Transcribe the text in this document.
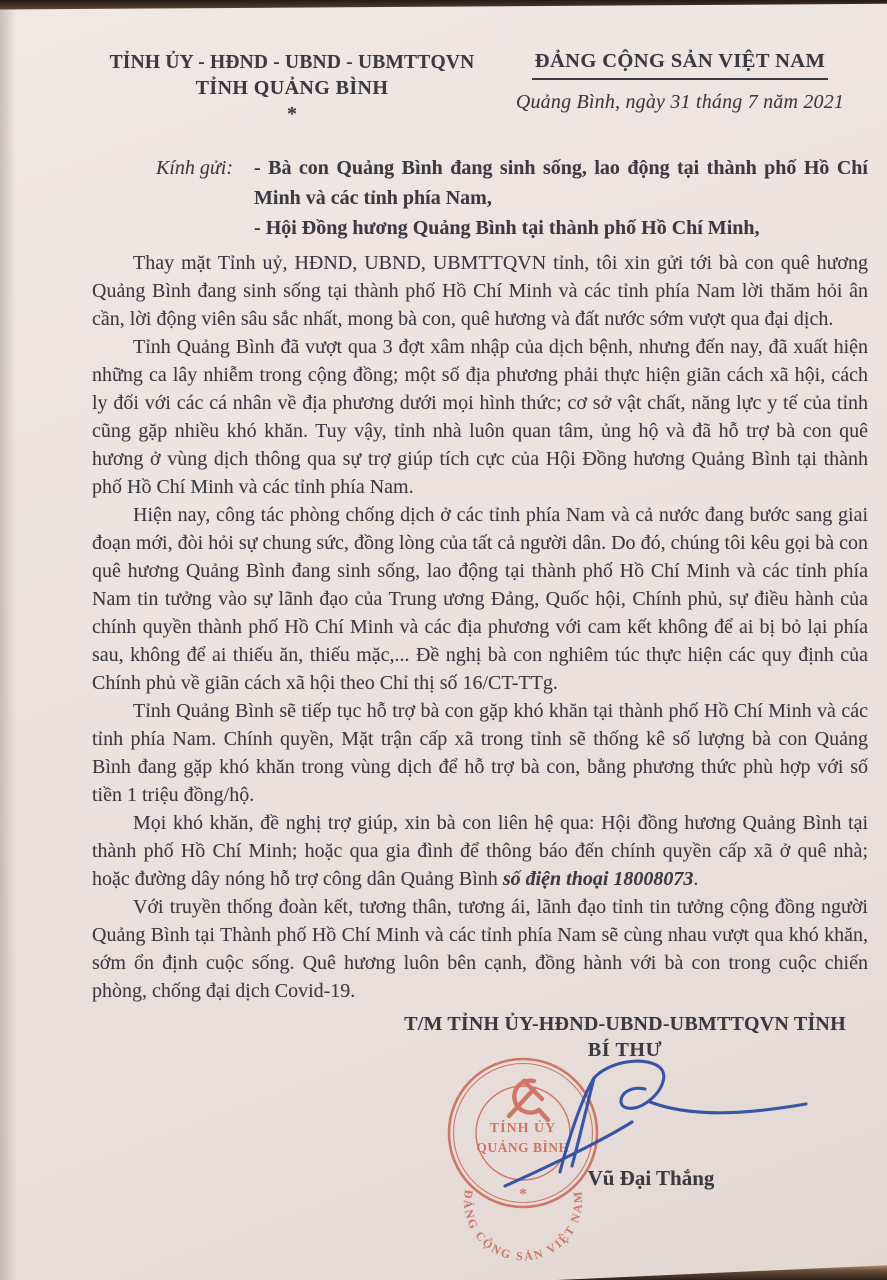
TỈNH ỦY - HĐND - UBND - UBMTTQVN
TỈNH QUẢNG BÌNH
*
ĐẢNG CỘNG SẢN VIỆT NAM
Quảng Bình, ngày 31 tháng 7 năm 2021
Kính gửi: - Bà con Quảng Bình đang sinh sống, lao động tại thành phố Hồ Chí Minh và các tỉnh phía Nam,

- Hội Đồng hương Quảng Bình tại thành phố Hồ Chí Minh,

Thay mặt Tỉnh uỷ, HĐND, UBND, UBMTTQVN tỉnh, tôi xin gửi tới bà con quê hương Quảng Bình đang sinh sống tại thành phố Hồ Chí Minh và các tỉnh phía Nam lời thăm hỏi ân cần, lời động viên sâu sắc nhất, mong bà con, quê hương và đất nước sớm vượt qua đại dịch.

Tỉnh Quảng Bình đã vượt qua 3 đợt xâm nhập của dịch bệnh, nhưng đến nay, đã xuất hiện những ca lây nhiễm trong cộng đồng; một số địa phương phải thực hiện giãn cách xã hội, cách ly đối với các cá nhân về địa phương dưới mọi hình thức; cơ sở vật chất, năng lực y tế của tỉnh cũng gặp nhiều khó khăn. Tuy vậy, tỉnh nhà luôn quan tâm, ủng hộ và đã hỗ trợ bà con quê hương ở vùng dịch thông qua sự trợ giúp tích cực của Hội Đồng hương Quảng Bình tại thành phố Hồ Chí Minh và các tỉnh phía Nam.

Hiện nay, công tác phòng chống dịch ở các tỉnh phía Nam và cả nước đang bước sang giai đoạn mới, đòi hỏi sự chung sức, đồng lòng của tất cả người dân. Do đó, chúng tôi kêu gọi bà con quê hương Quảng Bình đang sinh sống, lao động tại thành phố Hồ Chí Minh và các tỉnh phía Nam tin tưởng vào sự lãnh đạo của Trung ương Đảng, Quốc hội, Chính phủ, sự điều hành của chính quyền thành phố Hồ Chí Minh và các địa phương với cam kết không để ai bị bỏ lại phía sau, không để ai thiếu ăn, thiếu mặc,... Đề nghị bà con nghiêm túc thực hiện các quy định của Chính phủ về giãn cách xã hội theo Chỉ thị số 16/CT-TTg.

Tỉnh Quảng Bình sẽ tiếp tục hỗ trợ bà con gặp khó khăn tại thành phố Hồ Chí Minh và các tỉnh phía Nam. Chính quyền, Mặt trận cấp xã trong tỉnh sẽ thống kê số lượng bà con Quảng Bình đang gặp khó khăn trong vùng dịch để hỗ trợ bà con, bằng phương thức phù hợp với số tiền 1 triệu đồng/hộ.

Mọi khó khăn, đề nghị trợ giúp, xin bà con liên hệ qua: Hội đồng hương Quảng Bình tại thành phố Hồ Chí Minh; hoặc qua gia đình để thông báo đến chính quyền cấp xã ở quê nhà; hoặc đường dây nóng hỗ trợ công dân Quảng Bình số điện thoại 18008073.

Với truyền thống đoàn kết, tương thân, tương ái, lãnh đạo tỉnh tin tưởng cộng đồng người Quảng Bình tại Thành phố Hồ Chí Minh và các tỉnh phía Nam sẽ cùng nhau vượt qua khó khăn, sớm ổn định cuộc sống. Quê hương luôn bên cạnh, đồng hành với bà con trong cuộc chiến phòng, chống đại dịch Covid-19.

T/M TỈNH ỦY-HĐND-UBND-UBMTTQVN TỈNH
BÍ THƯ
Vũ Đại Thắng
ĐẢNG CỘNG SẢN VIỆT NAM
TỈNH ỦY
QUẢNG BÌNH
*
